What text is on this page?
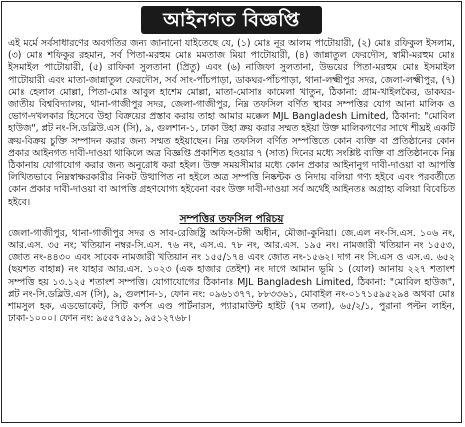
আইনগত বিজ্ঞপ্তি

এই মর্মে সর্বসাধারণের অবগতির জন্য জানানো যাইতেছে যে, (১) মোঃ নূর আলম পাটোয়ারী, (২) মোঃ রফিকুল ইসলাম, (৩) মোঃ শফিকুর রহমান, সর্ব পিতা-মরহুম মোঃ মমতাজ মিয়া পাটোয়ারী, (৪) জান্নাতুল ফেরদৌস, স্বামী-মরহুম মোঃ ইসমাইল পাটোয়ারী, (৫) রাফিকা সুলতানা (প্রিতু) এবং (৬) নাজিফা সুলতানা, উভয়ের পিতা-মরহুম মোঃ ইসমাইল পাটোয়ারী এবং মাতা-জান্নাতুল ফেরদৌস, সর্ব সাং-পাঁচপাড়া, ডাকঘর-পাঁচপাড়া, থানা-লক্ষ্মীপুর সদর, জেলা-লক্ষ্মীপুর, (৭) মোঃ হেলাল মোল্লা, পিতা-মোঃ আবুল হাশেম মোল্লা, মাতা-মোসাঃ কামেলা খাতুন, ঠিকানা: গ্রাম-খাইলকৈর, ডাকঘর-জাতীয় বিশ্ববিদ্যালয়, থানা-গাজীপুর সদর, জেলা-গাজীপুর, নিম্ন তফসিল বর্ণিত স্থাবর সম্পত্তির যোগ আনা মালিক ও ভোগ-দখলকার হিসেবে উহা বিক্রয়ের প্রস্তাব করায় তাহা আমার মক্কেল MJL Bangladesh Limited, ঠিকানা: "মোবিল হাউজ", প্লট নং-সি.ডব্লিউ.এস (সি), ৯, গুলশান-১, ঢাকা উহা ক্রয় করার সম্মত হইয়া উক্ত মালিকগণের সাথে শীঘ্রই একটি ক্রয়-বিক্রয় চুক্তি সম্পাদন করার জন্য সম্মত হইয়াছেন। নিম্ন তফসিল বর্ণিত সম্পত্তিতে কোন ব্যক্তি বা প্রতিষ্ঠানের কোন প্রকার আইনগত দাবী-দাওয়া থাকিলে অত্র বিজ্ঞপ্তি প্রকাশিত হওয়ার ৭ (সাত) দিনের মধ্যে সংশ্লিষ্ট ব্যক্তি বা প্রতিষ্ঠানকে নিম্ন ঠিকানায় যোগাযোগ করার জন্য অনুরোধ করা হইল। উক্ত সময়সীমার মধ্যে কোন প্রকার আইনানুগ দাবী-দাওয়া বা আপত্তি লিখিতভাবে নিম্নস্বাক্ষরকারীর নিকট উত্থাপিত না হইলে অত্র সম্পত্তি নিষ্কন্টক ও নিদায় বলিয়া গণ্য হইবে এবং পরবর্তীতে কোন প্রকার দাবী-দাওয়া বা আপত্তি গ্রহণযোগ্য হইবেনা বরং উক্ত দাবী-দাওয়া সর্ব অর্থেই আইনতঃ অগ্রাহ্য বলিয়া বিবেচিত হইবে।

সম্পত্তির তফসিল পরিচয়

জেলা-গাজীপুর, থানা-গাজীপুর সদর ও সাব-রেজিষ্ট্রি অফিস-টঙ্গী অধীন, মৌজা-কুনিয়া। জে.এল নং-সি.এস. ১০৬ নং, আর.এস. ৩৫ নং; খতিয়ান নম্বর-সি.এস. ৭৬ নং, এস.এ. ৭৮ নং, আর.এস. ১৯৫ নং। নামজারী খতিয়ান নং ১৫৫৩, জোত নং-৪৪৩০ এবং সাবেক নামজারী খতিয়ান নং ১৫৫/১৭৪ এবং জোত নং-১৫৬২। দাগ নং সি.এস ও এস.এ. ৬৫২ (ছয়শত বাহান্ন) নং যাহার আর.এস. ১০২৩ (এক হাজার তেইশ) নং দাগে আমান ভূমি ১ (যোল) আনায় ২২৭ শতাংশ সম্পত্তি হয় ১৩.১২৫ শতাংশ সম্পত্তি। যোগাযোগের ঠিকানাঃ MJL Bangladesh Limited, ঠিকানা: "মোবিল হাউজ", প্লট নং-সি.ডব্লিউ.এস (সি), ৯, গুলশান-১, ফোন নং: ০৯৬১৩৭৭, ৮৮৩৩৬১, মোবাইল নং-০১৭১৫৯৫২৯৪ অথবা মোঃ শামসুল হক, এডভোকেট, সিটি কর্পস এণ্ড পার্টনারস, প্যারামাউন্ট হাইট (৭ম তলা), ৬৫/২/১, পুরানা পল্টন লাইন, ঢাকা-১০০০। ফোন নং: ৯৫৫৭৫৯১, ৯৫১২৭৬৮।
